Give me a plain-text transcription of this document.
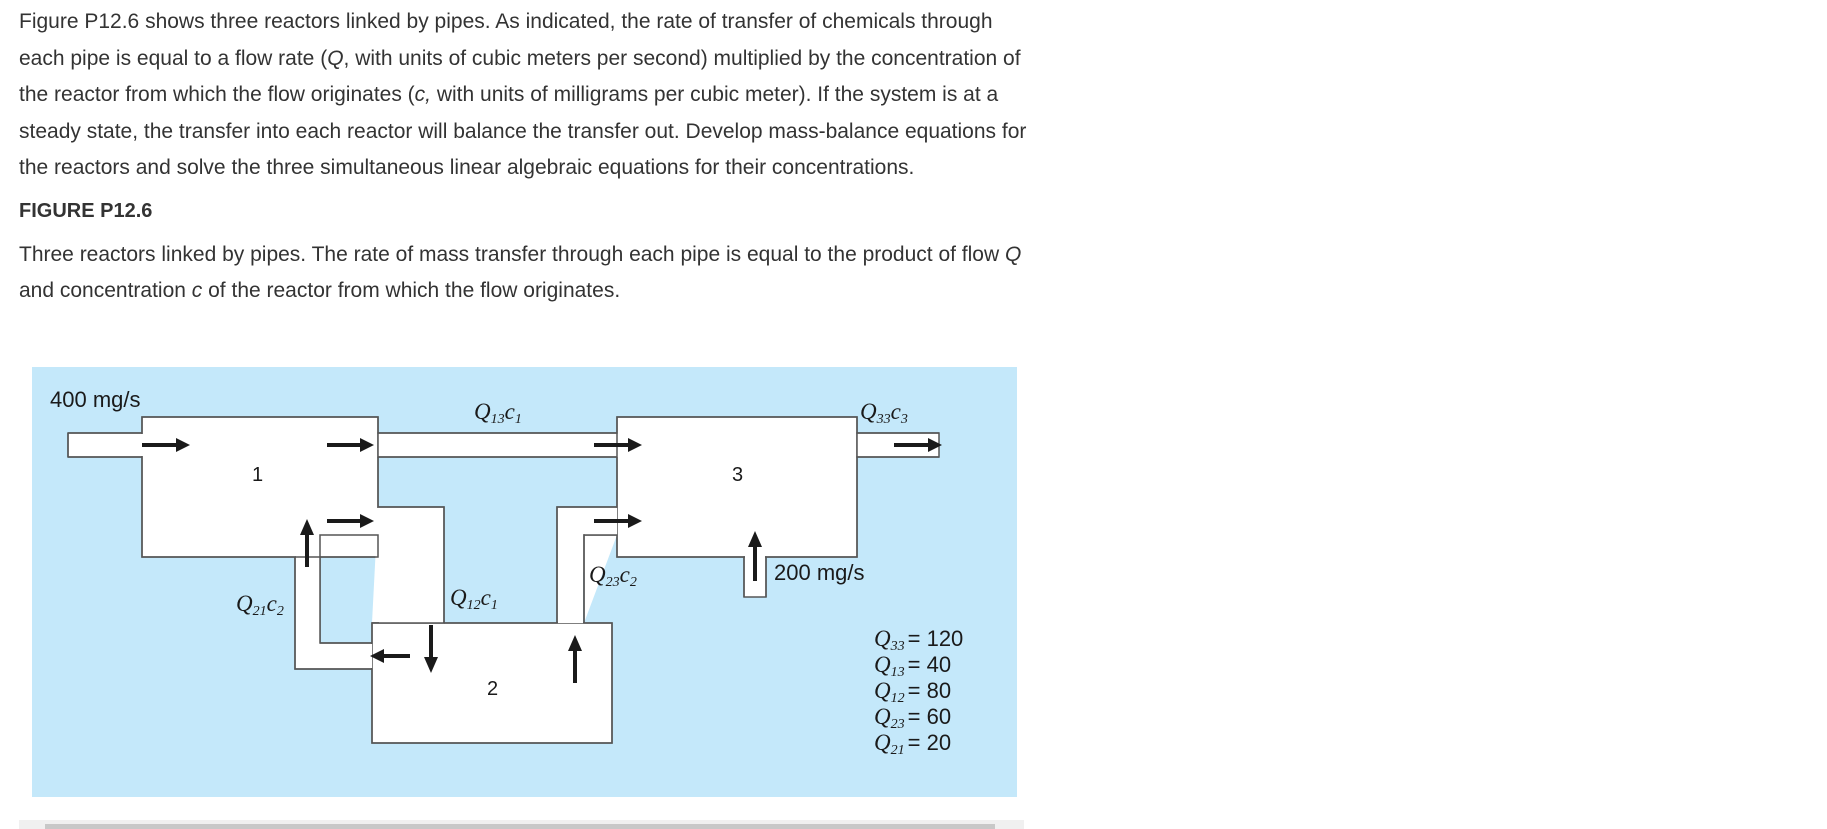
Figure P12.6 shows three reactors linked by pipes. As indicated, the rate of transfer of chemicals through each pipe is equal to a flow rate (Q, with units of cubic meters per second) multiplied by the concentration of the reactor from which the flow originates (c, with units of milligrams per cubic meter). If the system is at a steady state, the transfer into each reactor will balance the transfer out. Develop mass-balance equations for the reactors and solve the three simultaneous linear algebraic equations for their concentrations.

FIGURE P12.6

Three reactors linked by pipes. The rate of mass transfer through each pipe is equal to the product of flow Q and concentration c of the reactor from which the flow originates.

400 mg/s
1	3
2
200 mg/s
Q13c1	Q33c3
Q12c1
Q23c2
Q21c2
Q33 = 120
Q13 = 40
Q12 = 80
Q23 = 60
Q21 = 20
